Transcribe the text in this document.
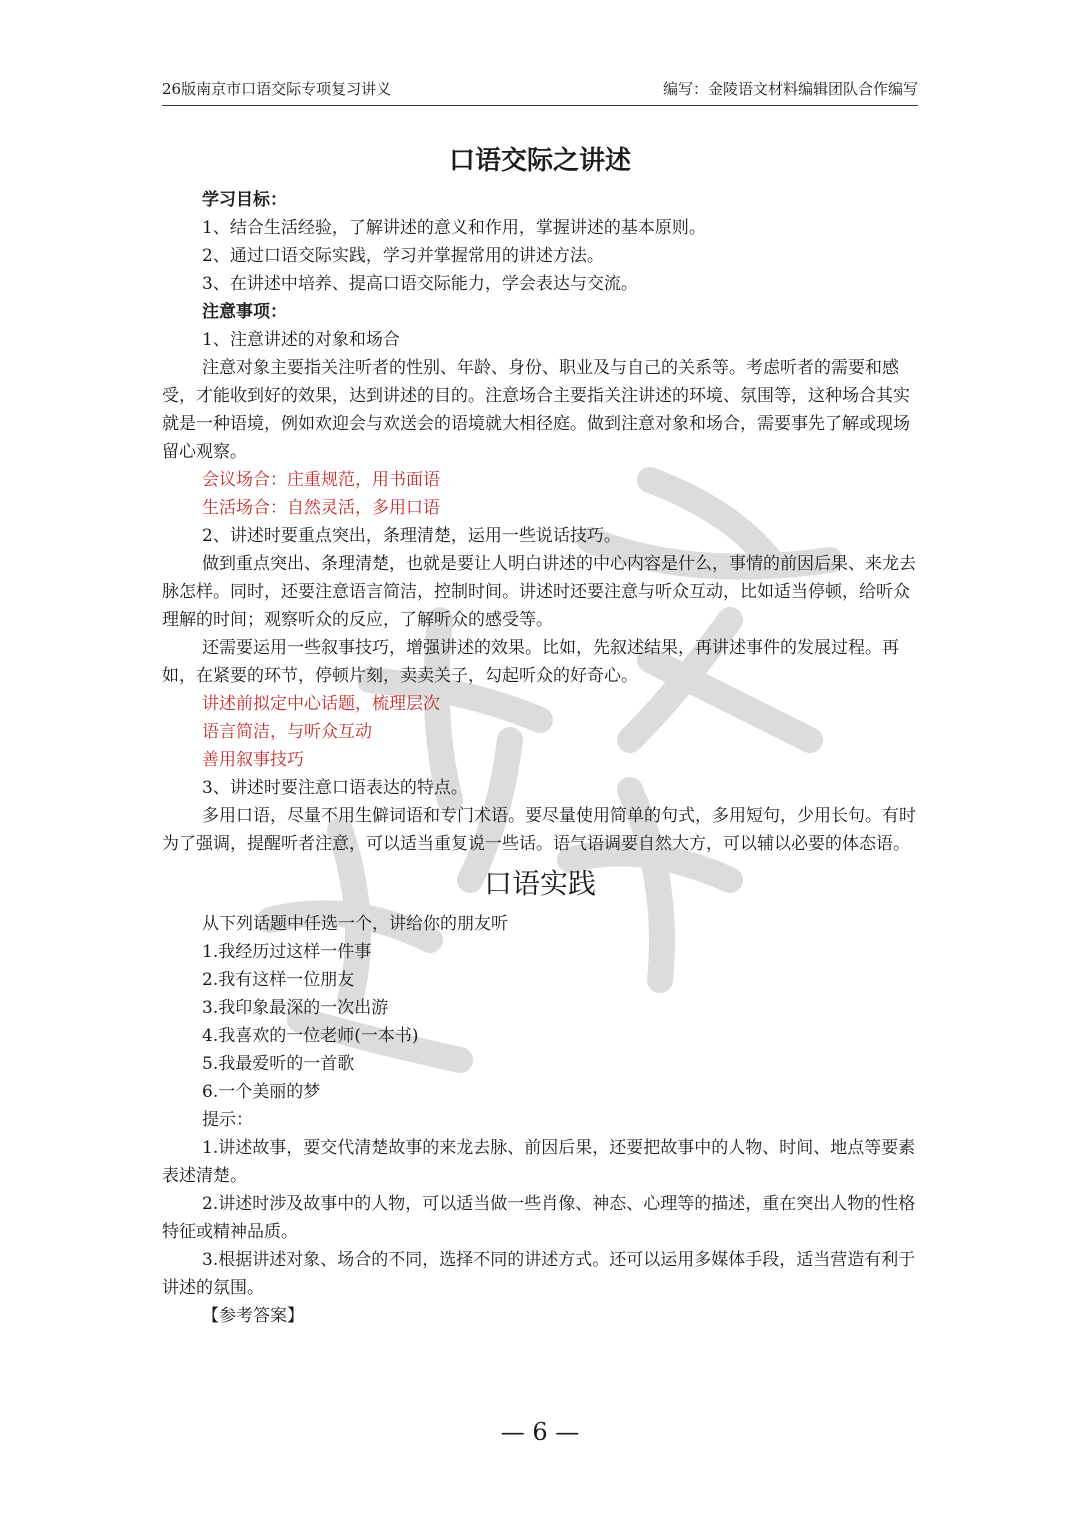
26版南京市口语交际专项复习讲义	编写：金陵语文材料编辑团队合作编写
口语交际之讲述
学习目标：
1、结合生活经验，了解讲述的意义和作用，掌握讲述的基本原则。
2、通过口语交际实践，学习并掌握常用的讲述方法。
3、在讲述中培养、提高口语交际能力，学会表达与交流。
注意事项：
1、注意讲述的对象和场合
注意对象主要指关注听者的性别、年龄、身份、职业及与自己的关系等。考虑听者的需要和感受，才能收到好的效果，达到讲述的目的。注意场合主要指关注讲述的环境、氛围等，这种场合其实就是一种语境，例如欢迎会与欢送会的语境就大相径庭。做到注意对象和场合，需要事先了解或现场留心观察。
会议场合：庄重规范，用书面语
生活场合：自然灵活，多用口语
2、讲述时要重点突出，条理清楚，运用一些说话技巧。
做到重点突出、条理清楚，也就是要让人明白讲述的中心内容是什么，事情的前因后果、来龙去脉怎样。同时，还要注意语言简洁，控制时间。讲述时还要注意与听众互动，比如适当停顿，给听众理解的时间；观察听众的反应，了解听众的感受等。
还需要运用一些叙事技巧，增强讲述的效果。比如，先叙述结果，再讲述事件的发展过程。再如，在紧要的环节，停顿片刻，卖卖关子，勾起听众的好奇心。
讲述前拟定中心话题，梳理层次
语言简洁，与听众互动
善用叙事技巧
3、讲述时要注意口语表达的特点。
多用口语，尽量不用生僻词语和专门术语。要尽量使用简单的句式，多用短句，少用长句。有时为了强调，提醒听者注意，可以适当重复说一些话。语气语调要自然大方，可以辅以必要的体态语。
口语实践
从下列话题中任选一个，讲给你的朋友听
1.我经历过这样一件事
2.我有这样一位朋友
3.我印象最深的一次出游
4.我喜欢的一位老师(一本书)
5.我最爱听的一首歌
6.一个美丽的梦
提示：
1.讲述故事，要交代清楚故事的来龙去脉、前因后果，还要把故事中的人物、时间、地点等要素表述清楚。
2.讲述时涉及故事中的人物，可以适当做一些肖像、神态、心理等的描述，重在突出人物的性格特征或精神品质。
3.根据讲述对象、场合的不同，选择不同的讲述方式。还可以运用多媒体手段，适当营造有利于讲述的氛围。
【参考答案】
— 6 —
